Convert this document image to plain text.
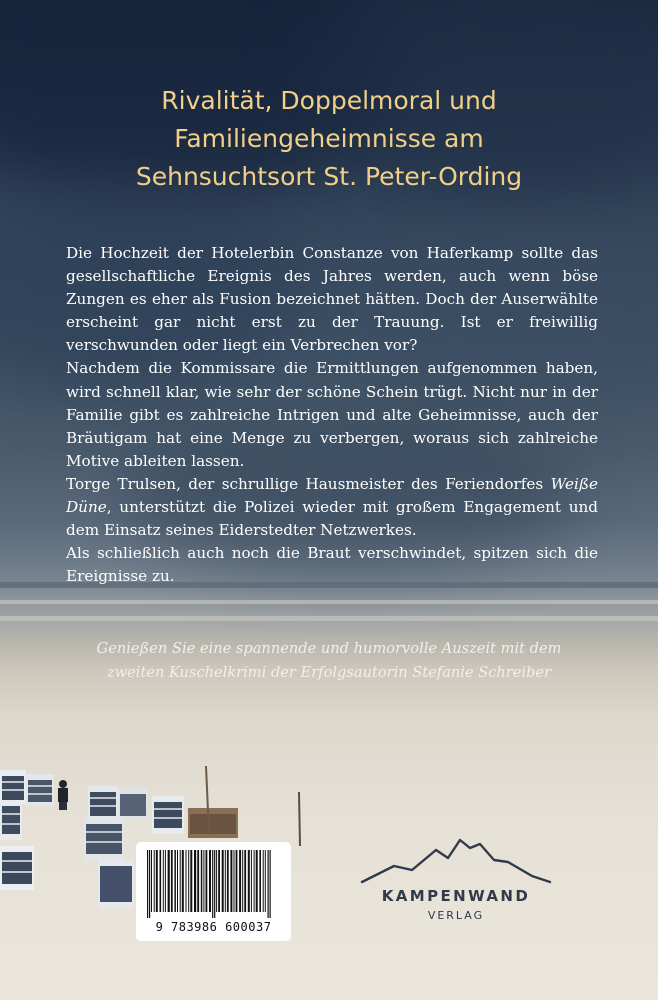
Rivalität, Doppelmoral und
Familiengeheimnisse am
Sehnsuchtsort St. Peter-Ording

Die Hochzeit der Hotelerbin Constanze von Haferkamp sollte das gesellschaftliche Ereignis des Jahres werden, auch wenn böse Zungen es eher als Fusion bezeichnet hätten. Doch der Auserwählte erscheint gar nicht erst zu der Trauung. Ist er freiwillig verschwunden oder liegt ein Verbrechen vor?

Nachdem die Kommissare die Ermittlungen aufgenommen haben, wird schnell klar, wie sehr der schöne Schein trügt. Nicht nur in der Familie gibt es zahlreiche Intrigen und alte Geheimnisse, auch der Bräutigam hat eine Menge zu verbergen, woraus sich zahlreiche Motive ableiten lassen.

Torge Trulsen, der schrullige Hausmeister des Feriendorfes Weiße Düne, unterstützt die Polizei wieder mit großem Engagement und dem Einsatz seines Eiderstedter Netzwerkes.

Als schließlich auch noch die Braut verschwindet, spitzen sich die Ereignisse zu.

Genießen Sie eine spannende und humorvolle Auszeit mit dem
zweiten Kuschelkrimi der Erfolgsautorin Stefanie Schreiber
9 783986 600037
KAMPENWAND
VERLAG
